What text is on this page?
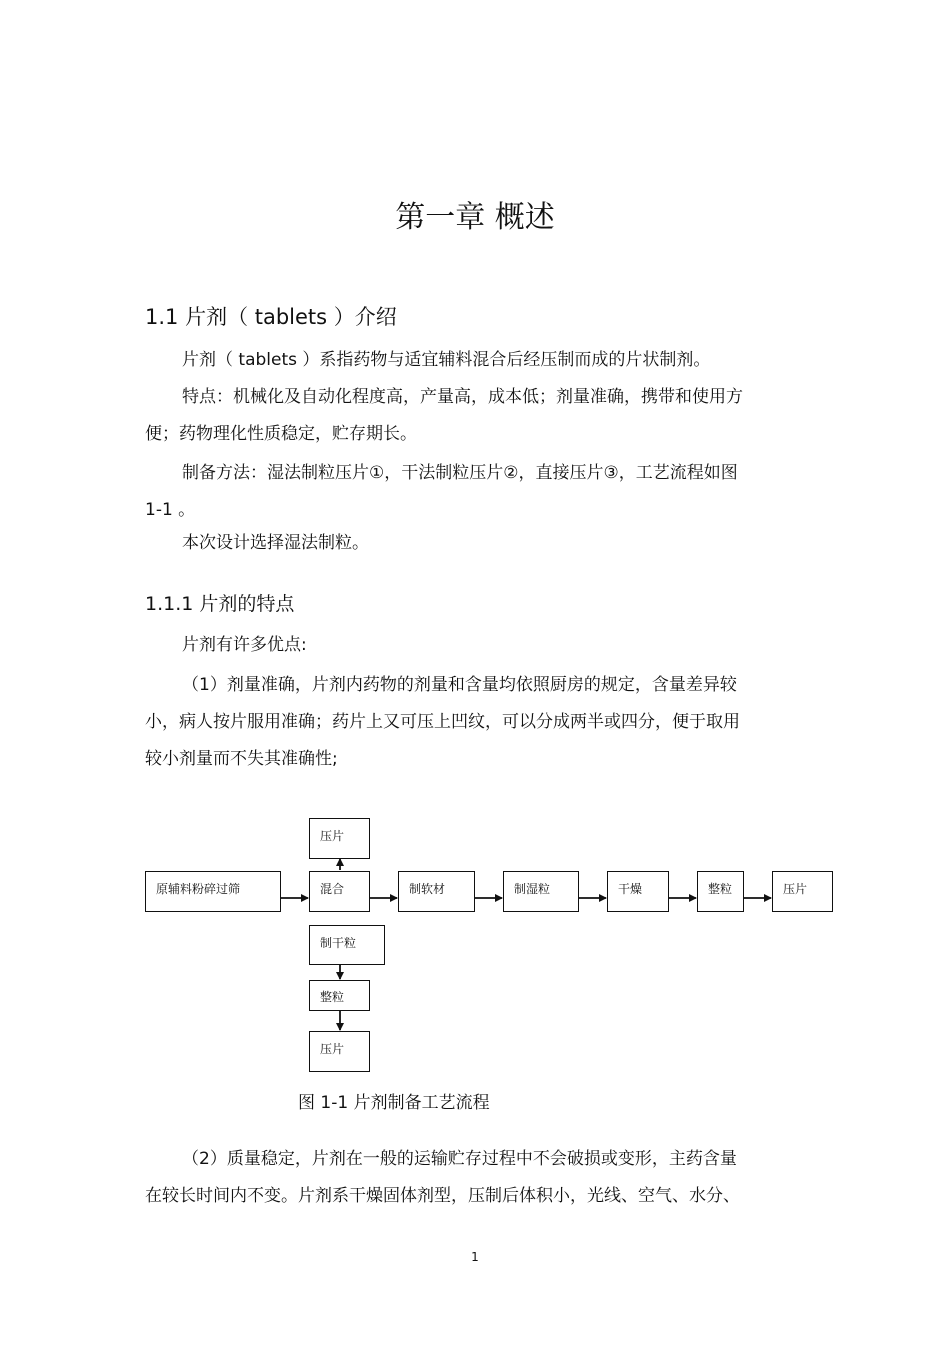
第一章 概述
1.1 片剂（ tablets ）介绍
片剂（ tablets ）系指药物与适宜辅料混合后经压制而成的片状制剂。
特点：机械化及自动化程度高，产量高，成本低；剂量准确，携带和使用方
便；药物理化性质稳定，贮存期长。
制备方法：湿法制粒压片①，干法制粒压片②，直接压片③，工艺流程如图
1-1 。
本次设计选择湿法制粒。
1.1.1 片剂的特点
片剂有许多优点:
（1）剂量准确，片剂内药物的剂量和含量均依照厨房的规定，含量差异较
小，病人按片服用准确；药片上又可压上凹纹，可以分成两半或四分，便于取用
较小剂量而不失其准确性;
压片
原辅料粉碎过筛	混合	制软材	制湿粒	干燥	整粒	压片
制干粒
整粒
压片
图 1-1 片剂制备工艺流程
（2）质量稳定，片剂在一般的运输贮存过程中不会破损或变形，主药含量
在较长时间内不变。片剂系干燥固体剂型，压制后体积小，光线、空气、水分、
1
